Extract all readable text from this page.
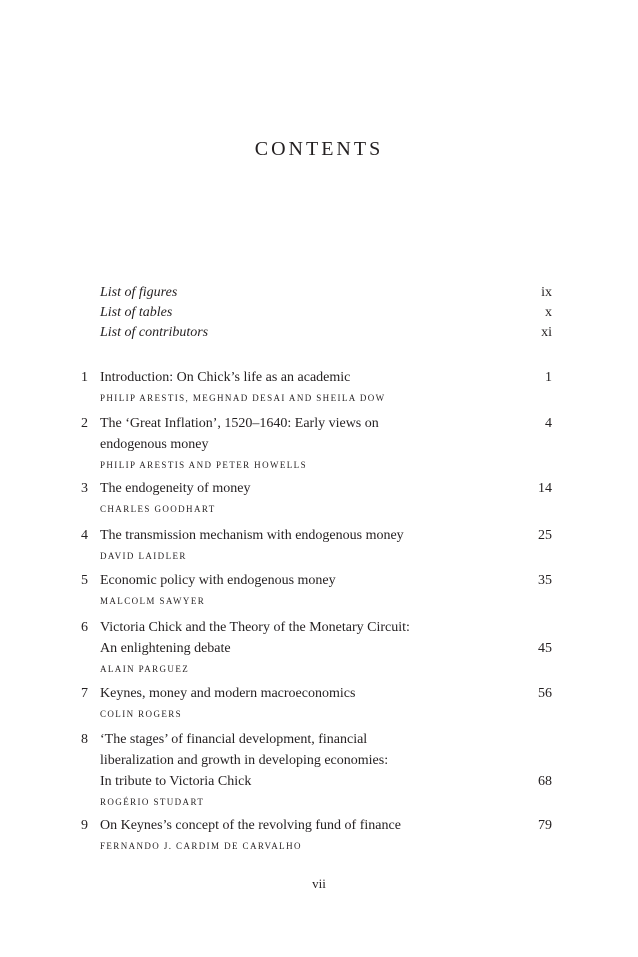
CONTENTS
List of figures	ix
List of tables	x
List of contributors	xi
1 Introduction: On Chick’s life as an academic	1
PHILIP ARESTIS, MEGHNAD DESAI AND SHEILA DOW
2 The ‘Great Inflation’, 1520–1640: Early views on	4
endogenous money
PHILIP ARESTIS AND PETER HOWELLS
3 The endogeneity of money	14
CHARLES GOODHART
4 The transmission mechanism with endogenous money	25
DAVID LAIDLER
5 Economic policy with endogenous money	35
MALCOLM SAWYER
6 Victoria Chick and the Theory of the Monetary Circuit:
An enlightening debate	45
ALAIN PARGUEZ
7 Keynes, money and modern macroeconomics	56
COLIN ROGERS
8 ‘The stages’ of financial development, financial
liberalization and growth in developing economies:
In tribute to Victoria Chick	68
ROGÉRIO STUDART
9 On Keynes’s concept of the revolving fund of finance	79
FERNANDO J. CARDIM DE CARVALHO
vii
